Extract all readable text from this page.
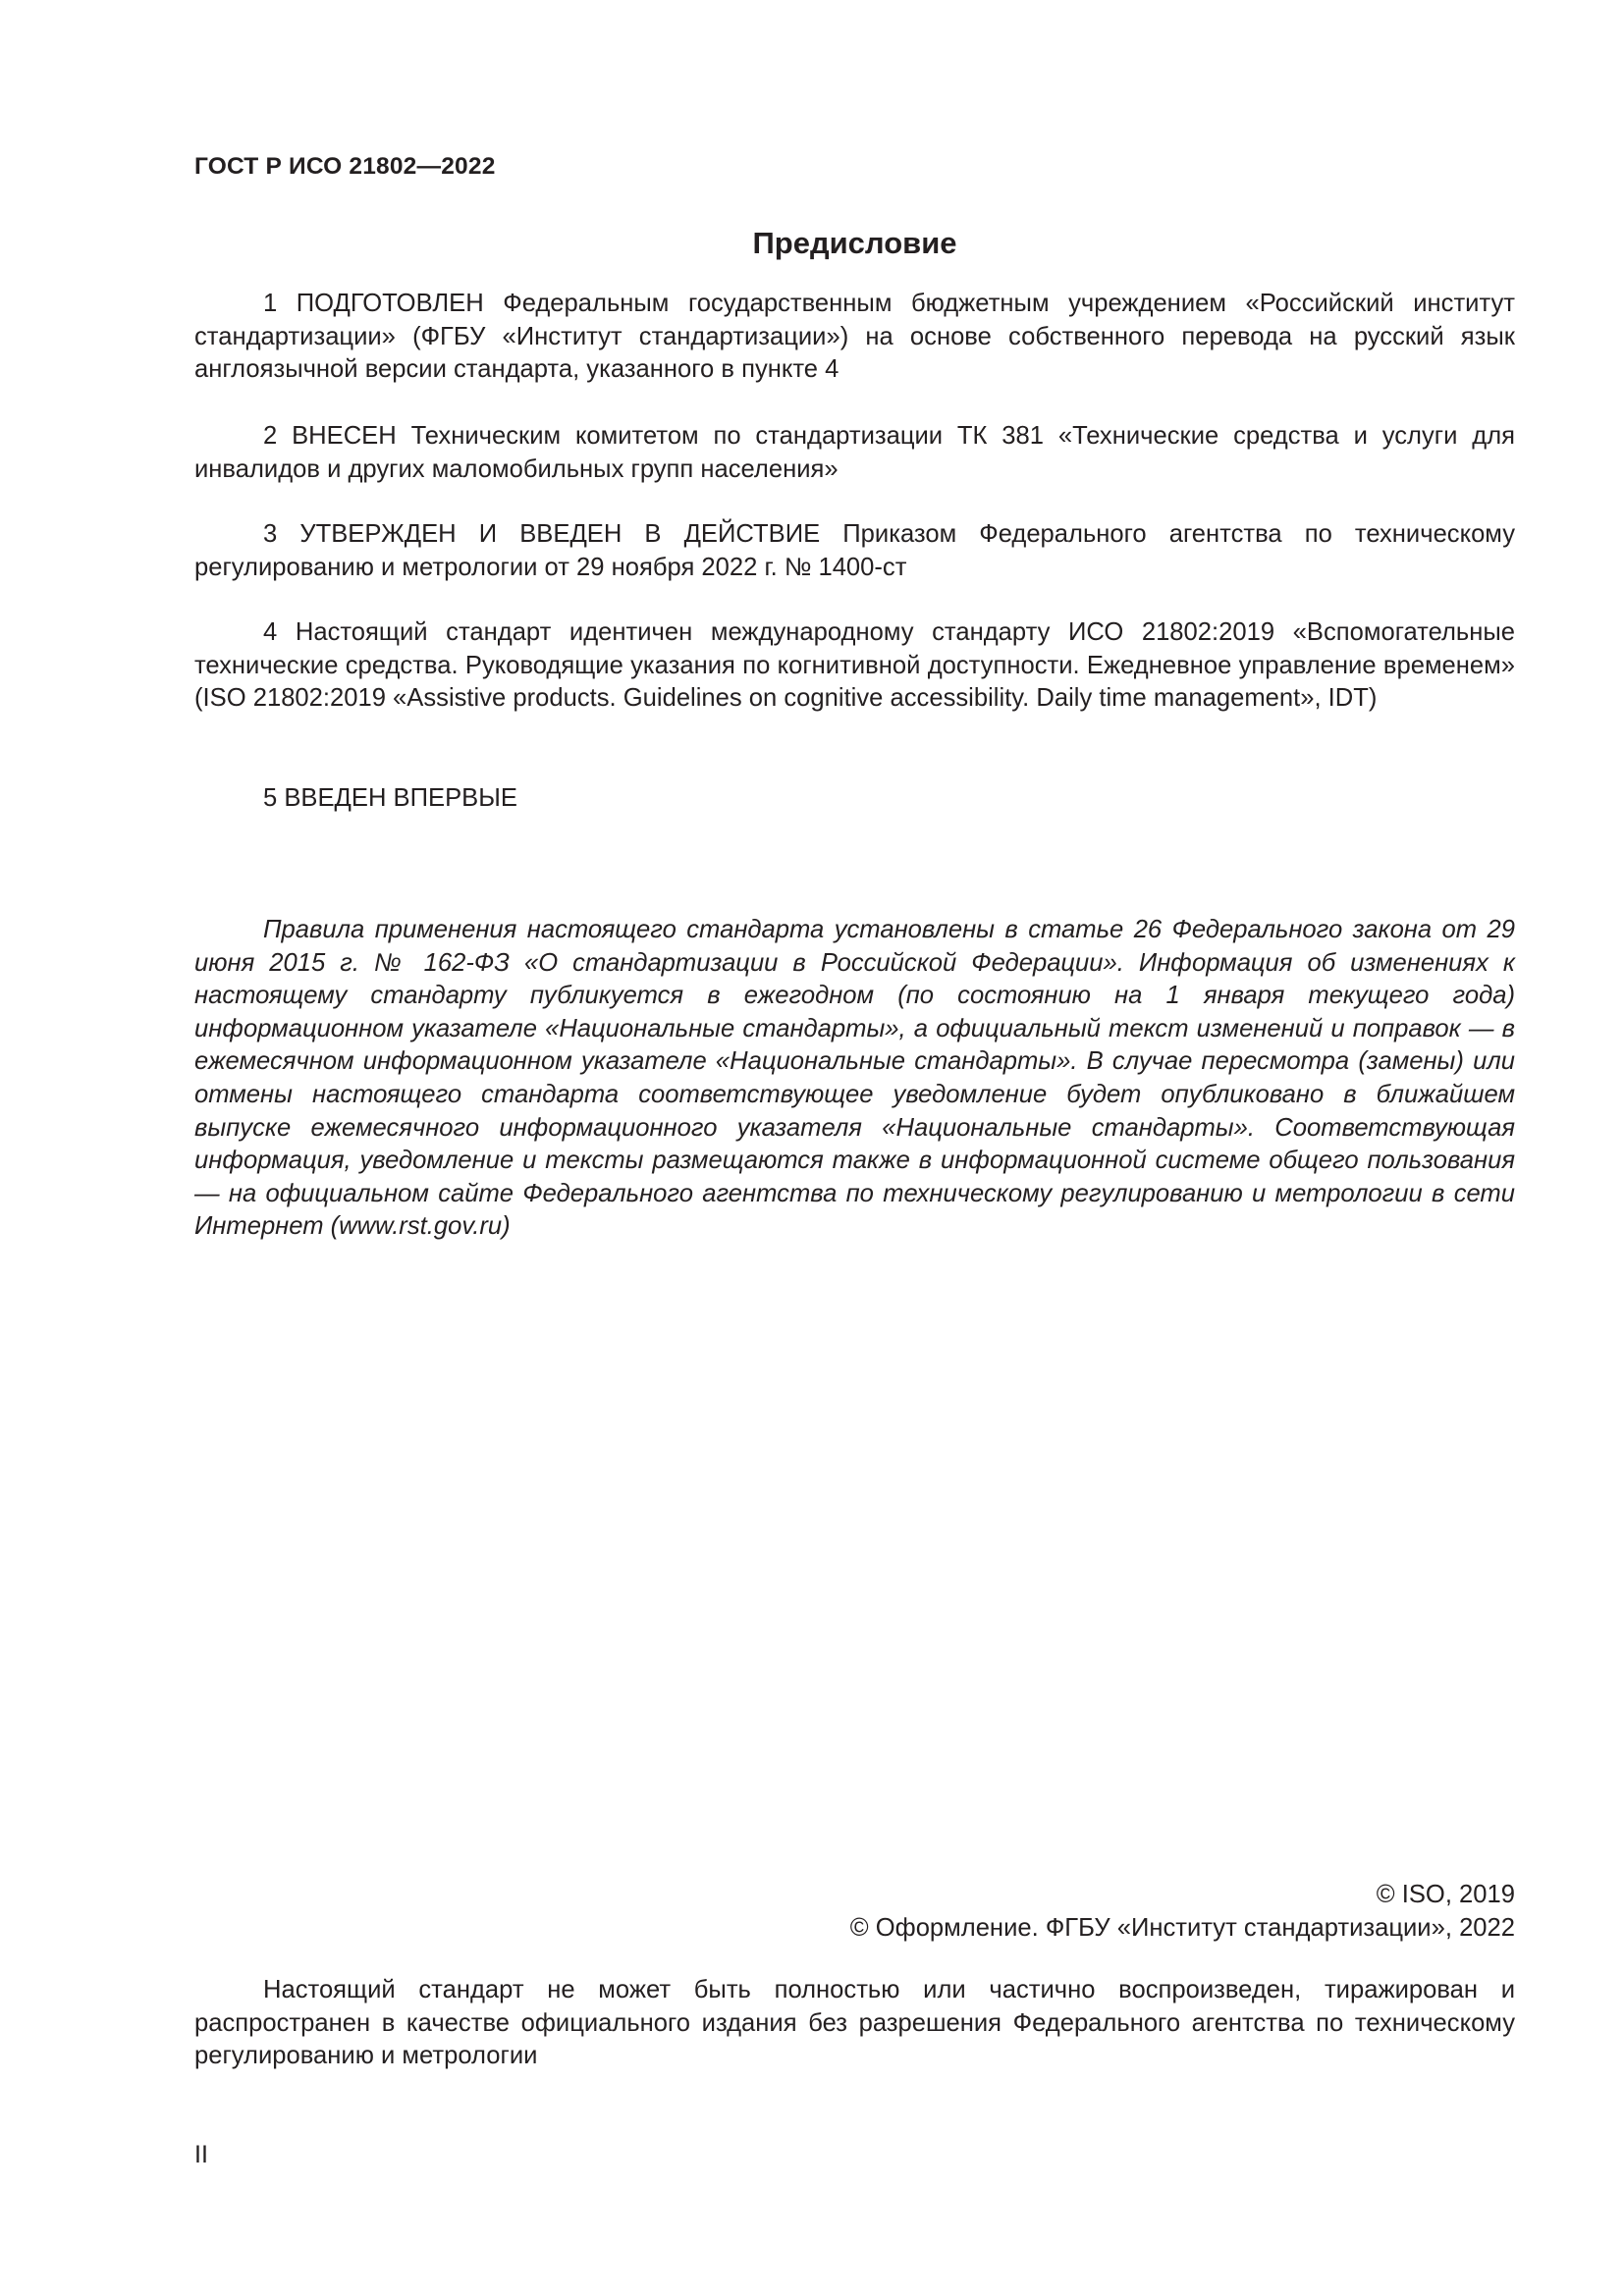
ГОСТ Р ИСО 21802—2022
Предисловие

1 ПОДГОТОВЛЕН Федеральным государственным бюджетным учреждением «Российский институт стандартизации» (ФГБУ «Институт стандартизации») на основе собственного перевода на русский язык англоязычной версии стандарта, указанного в пункте 4

2 ВНЕСЕН Техническим комитетом по стандартизации ТК 381 «Технические средства и услуги для инвалидов и других маломобильных групп населения»

3 УТВЕРЖДЕН И ВВЕДЕН В ДЕЙСТВИЕ Приказом Федерального агентства по техническому регулированию и метрологии от 29 ноября 2022 г. № 1400-ст

4 Настоящий стандарт идентичен международному стандарту ИСО 21802:2019 «Вспомогательные технические средства. Руководящие указания по когнитивной доступности. Ежедневное управление временем» (ISO 21802:2019 «Assistive products. Guidelines on cognitive accessibility. Daily time management», IDT)

5 ВВЕДЕН ВПЕРВЫЕ

Правила применения настоящего стандарта установлены в статье 26 Федерального закона от 29 июня 2015 г. № 162-ФЗ «О стандартизации в Российской Федерации». Информация об изменениях к настоящему стандарту публикуется в ежегодном (по состоянию на 1 января текущего года) информационном указателе «Национальные стандарты», а официальный текст изменений и поправок — в ежемесячном информационном указателе «Национальные стандарты». В случае пересмотра (замены) или отмены настоящего стандарта соответствующее уведомление будет опубликовано в ближайшем выпуске ежемесячного информационного указателя «Национальные стандарты». Соответствующая информация, уведомление и тексты размещаются также в информационной системе общего пользования — на официальном сайте Федерального агентства по техническому регулированию и метрологии в сети Интернет (www.rst.gov.ru)

© ISO, 2019
© Оформление. ФГБУ «Институт стандартизации», 2022

Настоящий стандарт не может быть полностью или частично воспроизведен, тиражирован и распространен в качестве официального издания без разрешения Федерального агентства по техническому регулированию и метрологии

II
